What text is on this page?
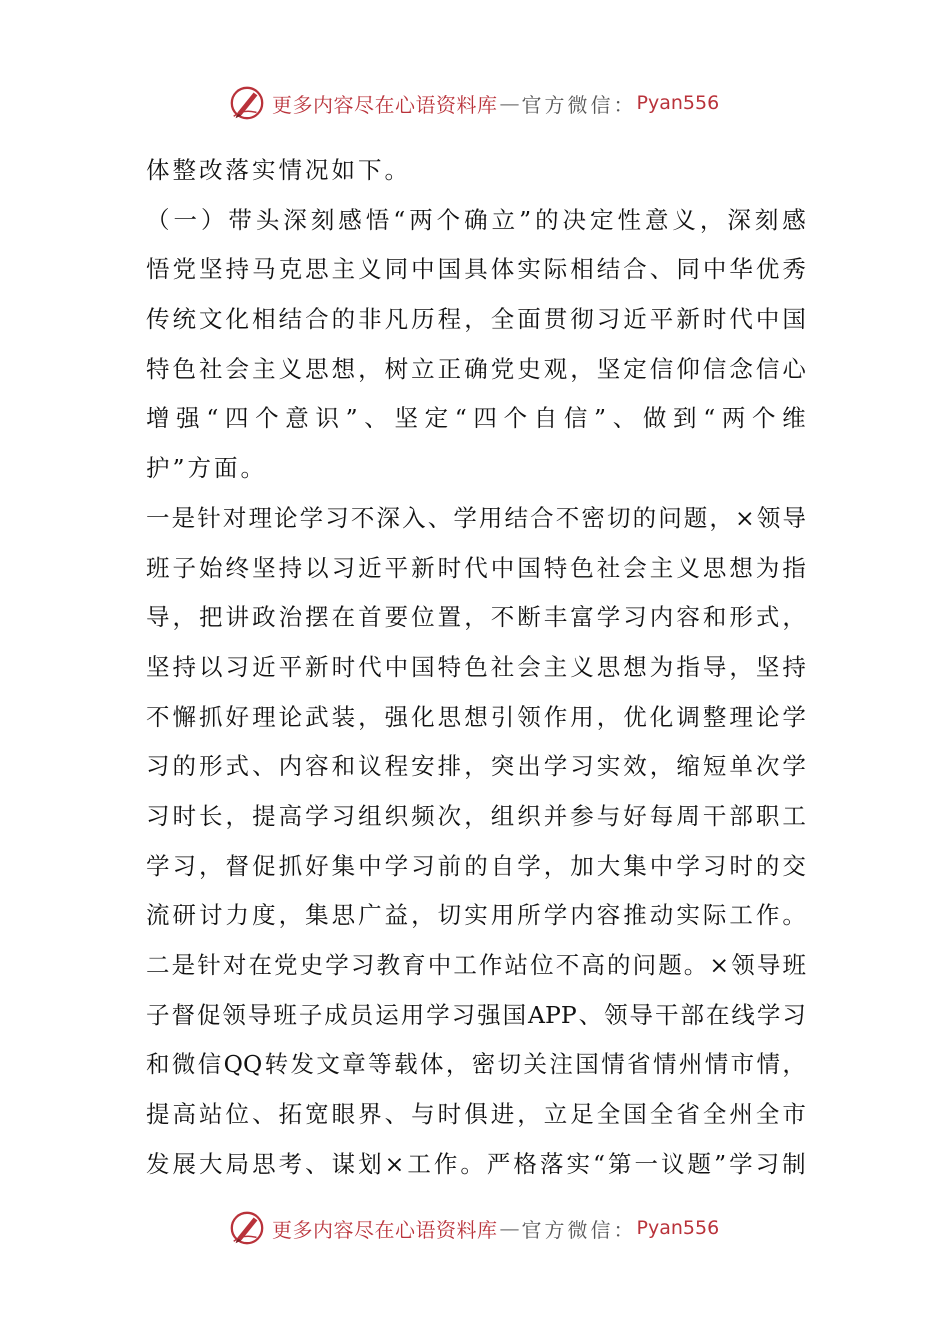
更多内容尽在心语资料库 — 官方微信： Pyan556
体整改落实情况如下。
（ 一 ） 带 头 深 刻 感 悟 “ 两 个 确 立 ” 的 决 定 性 意 义 ， 深 刻 感
悟 党 坚 持 马 克 思 主 义 同 中 国 具 体 实 际 相 结 合 、 同 中 华 优 秀
传 统 文 化 相 结 合 的 非 凡 历 程 ， 全 面 贯 彻 习 近 平 新 时 代 中 国
特 色 社 会 主 义 思 想 ， 树 立 正 确 党 史 观 ， 坚 定 信 仰 信 念 信 心
增 强 “ 四 个 意 识 ” 、 坚 定 “ 四 个 自 信 ” 、 做 到 “ 两 个 维
护”方面。
一 是 针 对 理 论 学 习 不 深 入 、 学 用 结 合 不 密 切 的 问 题 ， × 领 导
班 子 始 终 坚 持 以 习 近 平 新 时 代 中 国 特 色 社 会 主 义 思 想 为 指
导 ， 把 讲 政 治 摆 在 首 要 位 置 ， 不 断 丰 富 学 习 内 容 和 形 式 ，
坚 持 以 习 近 平 新 时 代 中 国 特 色 社 会 主 义 思 想 为 指 导 ， 坚 持
不 懈 抓 好 理 论 武 装 ， 强 化 思 想 引 领 作 用 ， 优 化 调 整 理 论 学
习 的 形 式 、 内 容 和 议 程 安 排 ， 突 出 学 习 实 效 ， 缩 短 单 次 学
习 时 长 ， 提 高 学 习 组 织 频 次 ， 组 织 并 参 与 好 每 周 干 部 职 工
学 习 ， 督 促 抓 好 集 中 学 习 前 的 自 学 ， 加 大 集 中 学 习 时 的 交
流 研 讨 力 度 ， 集 思 广 益 ， 切 实 用 所 学 内 容 推 动 实 际 工 作 。
二 是 针 对 在 党 史 学 习 教 育 中 工 作 站 位 不 高 的 问 题 。 × 领 导 班
子 督 促 领 导 班 子 成 员 运 用 学 习 强 国 APP 、 领 导 干 部 在 线 学 习
和 微 信 QQ 转 发 文 章 等 载 体 ， 密 切 关 注 国 情 省 情 州 情 市 情 ，
提 高 站 位 、 拓 宽 眼 界 、 与 时 俱 进 ， 立 足 全 国 全 省 全 州 全 市
发 展 大 局 思 考 、 谋 划 × 工 作 。 严 格 落 实 “ 第 一 议 题 ” 学 习 制
更多内容尽在心语资料库 — 官方微信： Pyan556
